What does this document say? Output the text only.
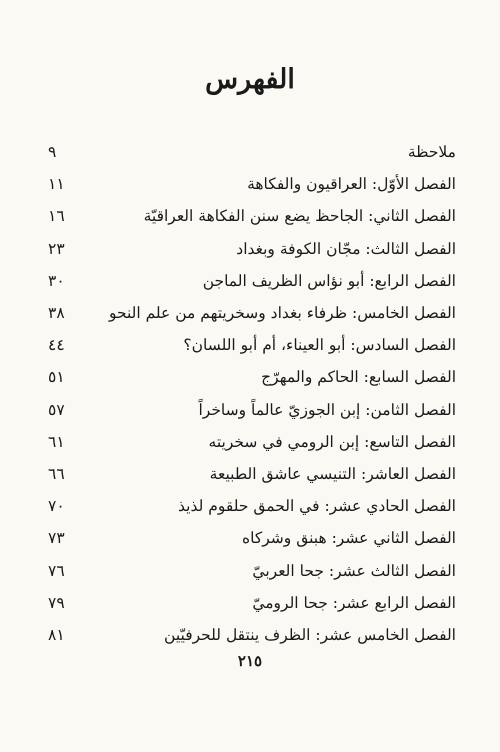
الفهرس
ملاحظة
٩
الفصل الأوّل: العراقيون والفكاهة
١١
الفصل الثاني: الجاحظ يضع سنن الفكاهة العراقيّة
١٦
الفصل الثالث: مجّان الكوفة وبغداد
٢٣
الفصل الرابع: أبو نؤاس الظريف الماجن
٣٠
الفصل الخامس: ظرفاء بغداد وسخريتهم من علم النحو
٣٨
الفصل السادس: أبو العيناء، أم أبو اللسان؟
٤٤
الفصل السابع: الحاكم والمهرّج
٥١
الفصل الثامن: إبن الجوزيّ عالماً وساخراً
٥٧
الفصل التاسع: إبن الرومي في سخريته
٦١
الفصل العاشر: التنيسي عاشق الطبيعة
٦٦
الفصل الحادي عشر: في الحمق حلقوم لذيذ
٧٠
الفصل الثاني عشر: هبنق وشركاه
٧٣
الفصل الثالث عشر: جحا العربيّ
٧٦
الفصل الرابع عشر: جحا الروميّ
٧٩
الفصل الخامس عشر: الظرف ينتقل للحرفيّين
٨١
٢١٥
